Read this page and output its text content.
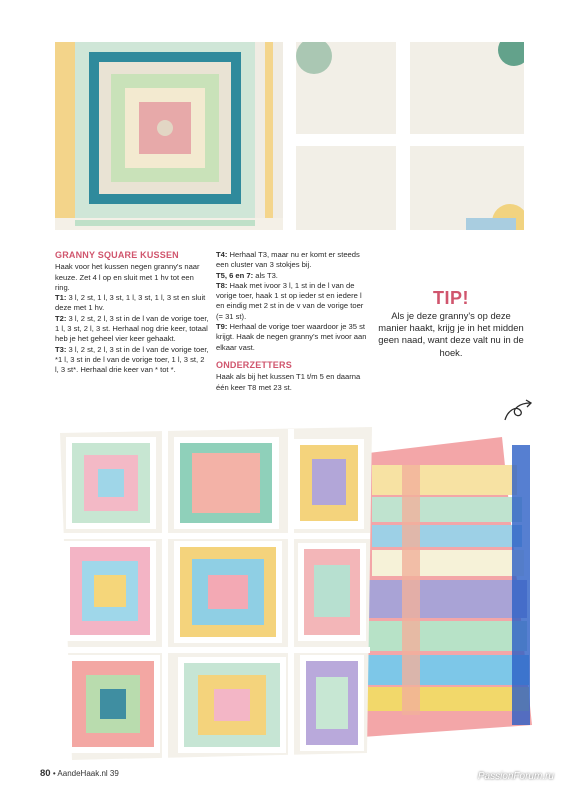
GRANNY SQUARE KUSSEN

Haak voor het kussen negen granny's naar keuze. Zet 4 l op en sluit met 1 hv tot een ring.

T1: 3 l, 2 st, 1 l, 3 st, 1 l, 3 st, 1 l, 3 st en sluit deze met 1 hv.

T2: 3 l, 2 st, 2 l, 3 st in de l van de vorige toer, 1 l, 3 st, 2 l, 3 st. Herhaal nog drie keer, totaal heb je het geheel vier keer gehaakt.

T3: 3 l, 2 st, 2 l, 3 st in de l van de vorige toer, *1 l, 3 st in de l van de vorige toer, 1 l, 3 st, 2 l, 3 st*. Herhaal drie keer van * tot *.

T4: Herhaal T3, maar nu er komt er steeds een cluster van 3 stokjes bij.

T5, 6 en 7: als T3.

T8: Haak met ivoor 3 l, 1 st in de l van de vorige toer, haak 1 st op ieder st en iedere l en eindig met 2 st in de v van de vorige toer (= 31 st).

T9: Herhaal de vorige toer waardoor je 35 st krijgt. Haak de negen granny's met ivoor aan elkaar vast.

ONDERZETTERS

Haak als bij het kussen T1 t/m 5 en daarna één keer T8 met 23 st.

TIP!
Als je deze granny's op deze manier haakt, krijg je in het midden geen naad, want deze valt nu in de hoek.
80 • AandeHaak.nl 39	PassionForum.ru
